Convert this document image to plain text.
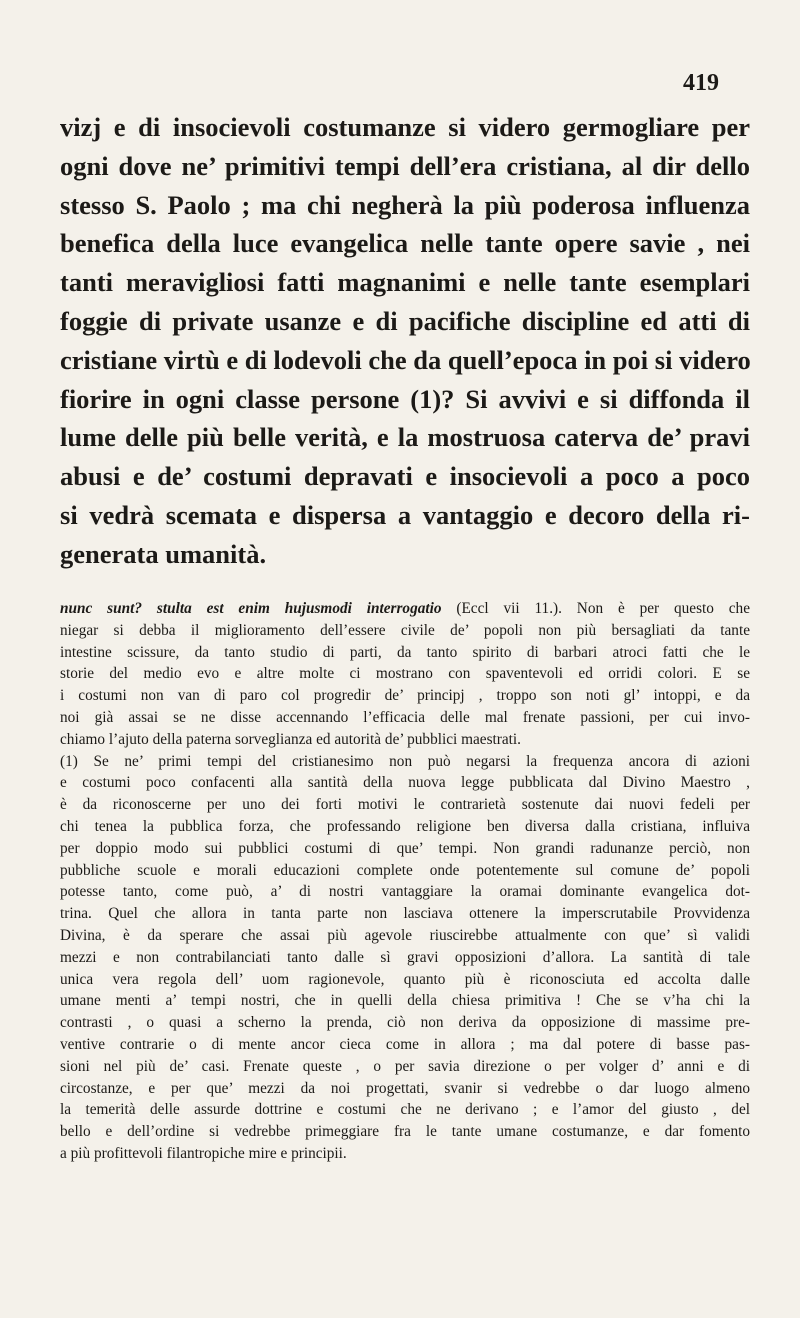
419
vizj e di insocievoli costumanze si videro germogliare per
ogni dove ne’ primitivi tempi dell’era cristiana, al dir dello
stesso S. Paolo ; ma chi negherà la più poderosa influenza
benefica della luce evangelica nelle tante opere savie , nei
tanti meravigliosi fatti magnanimi e nelle tante esemplari
foggie di private usanze e di pacifiche discipline ed atti di
cristiane virtù e di lodevoli che da quell’epoca in poi si videro
fiorire in ogni classe persone (1)? Si avvivi e si diffonda il
lume delle più belle verità, e la mostruosa caterva de’ pravi
abusi e de’ costumi depravati e insocievoli a poco a poco
si vedrà scemata e dispersa a vantaggio e decoro della ri-
generata umanità.
nunc sunt? stulta est enim hujusmodi interrogatio (Eccl vii 11.). Non è per questo che
niegar si debba il miglioramento dell’essere civile de’ popoli non più bersagliati da tante
intestine scissure, da tanto studio di parti, da tanto spirito di barbari atroci fatti che le
storie del medio evo e altre molte ci mostrano con spaventevoli ed orridi colori. E se
i costumi non van di paro col progredir de’ principj , troppo son noti gl’ intoppi, e da
noi già assai se ne disse accennando l’efficacia delle mal frenate passioni, per cui invo-
chiamo l’ajuto della paterna sorveglianza ed autorità de’ pubblici maestrati.
(1) Se ne’ primi tempi del cristianesimo non può negarsi la frequenza ancora di azioni
e costumi poco confacenti alla santità della nuova legge pubblicata dal Divino Maestro ,
è da riconoscerne per uno dei forti motivi le contrarietà sostenute dai nuovi fedeli per
chi tenea la pubblica forza, che professando religione ben diversa dalla cristiana, influiva
per doppio modo sui pubblici costumi di que’ tempi. Non grandi radunanze perciò, non
pubbliche scuole e morali educazioni complete onde potentemente sul comune de’ popoli
potesse tanto, come può, a’ di nostri vantaggiare la oramai dominante evangelica dot-
trina. Quel che allora in tanta parte non lasciava ottenere la imperscrutabile Provvidenza
Divina, è da sperare che assai più agevole riuscirebbe attualmente con que’ sì validi
mezzi e non contrabilanciati tanto dalle sì gravi opposizioni d’allora. La santità di tale
unica vera regola dell’ uom ragionevole, quanto più è riconosciuta ed accolta dalle
umane menti a’ tempi nostri, che in quelli della chiesa primitiva ! Che se v’ha chi la
contrasti , o quasi a scherno la prenda, ciò non deriva da opposizione di massime pre-
ventive contrarie o di mente ancor cieca come in allora ; ma dal potere di basse pas-
sioni nel più de’ casi. Frenate queste , o per savia direzione o per volger d’ anni e di
circostanze, e per que’ mezzi da noi progettati, svanir si vedrebbe o dar luogo almeno
la temerità delle assurde dottrine e costumi che ne derivano ; e l’amor del giusto , del
bello e dell’ordine si vedrebbe primeggiare fra le tante umane costumanze, e dar fomento
a più profittevoli filantropiche mire e principii.
